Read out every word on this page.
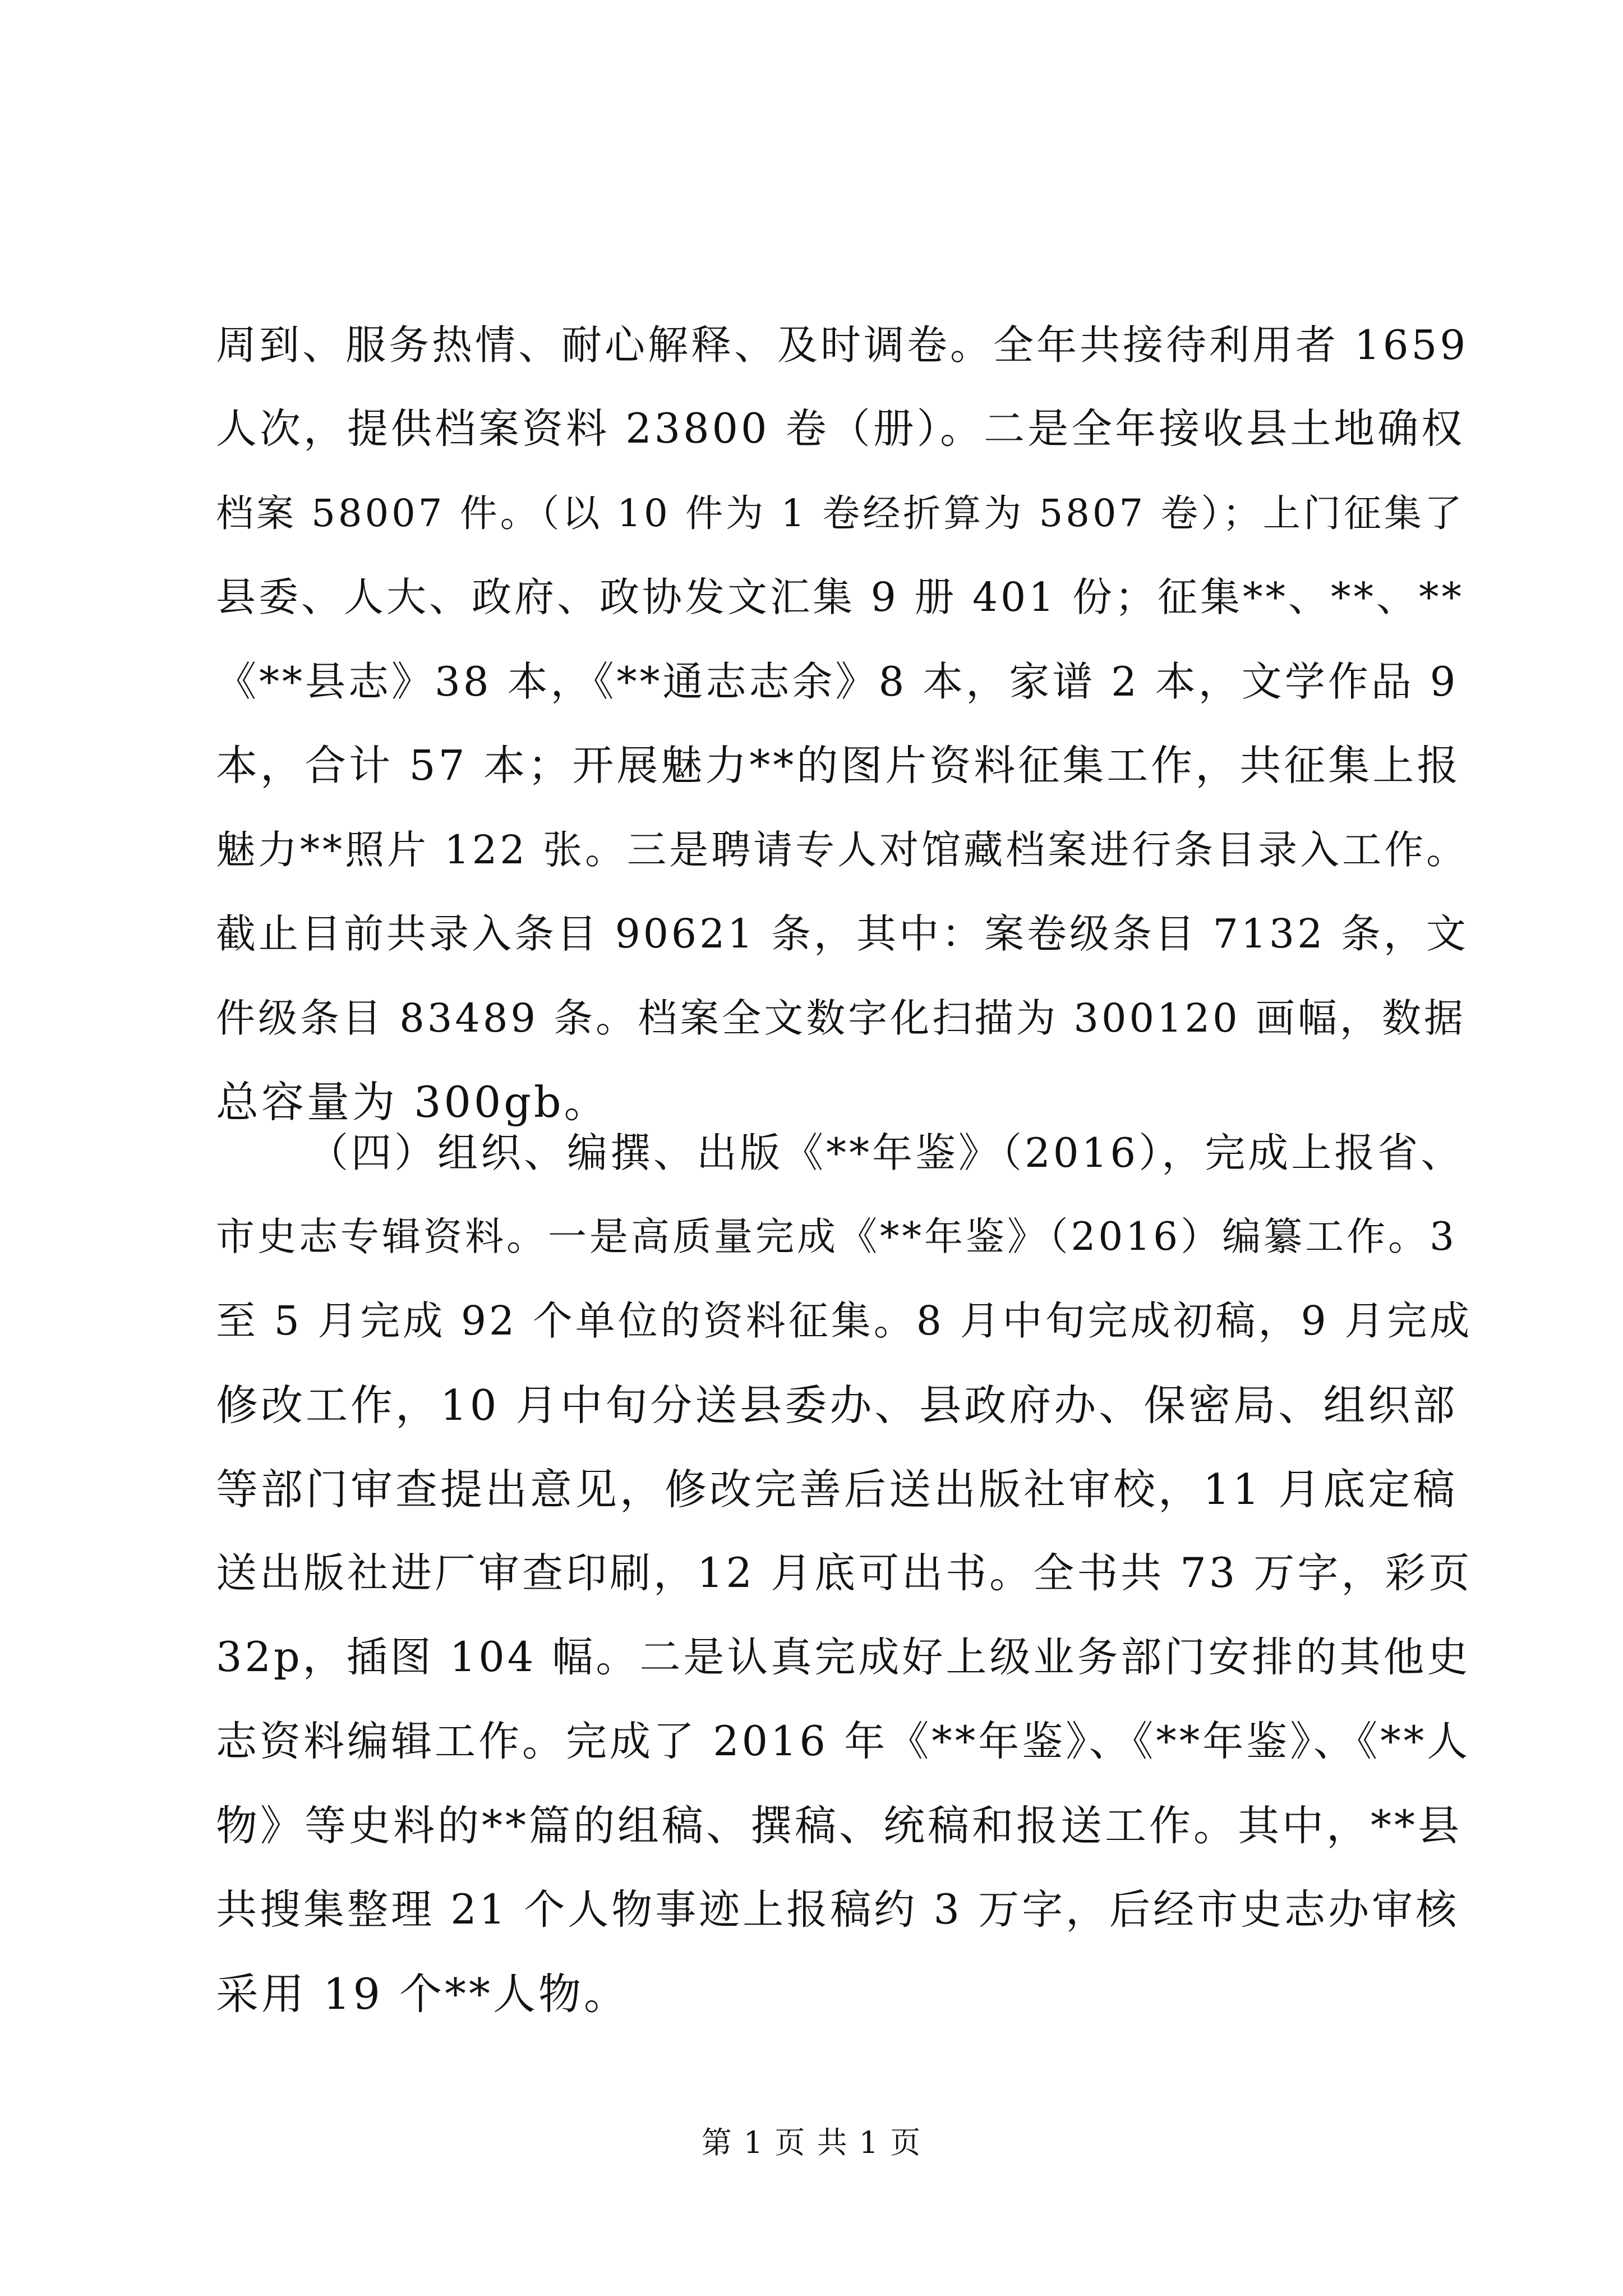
周到、服务热情、耐心解释、及时调卷。全年共接待利用者 1659
人次，提供档案资料 23800 卷（册）。二是全年接收县土地确权
档案 58007 件。（以 10 件为 1 卷经折算为 5807 卷）；上门征集了
县委、人大、政府、政协发文汇集 9 册 401 份；征集**、**、**
《**县志》38 本，《**通志志余》8 本，家谱 2 本，文学作品 9
本，合计 57 本；开展魅力**的图片资料征集工作，共征集上报
魅力**照片 122 张。三是聘请专人对馆藏档案进行条目录入工作。
截止目前共录入条目 90621 条，其中：案卷级条目 7132 条，文
件级条目 83489 条。档案全文数字化扫描为 300120 画幅，数据
总容量为 300gb。
（四）组织、编撰、出版《**年鉴》（2016），完成上报省、
市史志专辑资料。一是高质量完成《**年鉴》（2016）编纂工作。3
至 5 月完成 92 个单位的资料征集。8 月中旬完成初稿，9 月完成
修改工作，10 月中旬分送县委办、县政府办、保密局、组织部
等部门审查提出意见，修改完善后送出版社审校，11 月底定稿
送出版社进厂审查印刷，12 月底可出书。全书共 73 万字，彩页
32p，插图 104 幅。二是认真完成好上级业务部门安排的其他史
志资料编辑工作。完成了 2016 年《**年鉴》、《**年鉴》、《**人
物》等史料的**篇的组稿、撰稿、统稿和报送工作。其中，**县
共搜集整理 21 个人物事迹上报稿约 3 万字，后经市史志办审核
采用 19 个**人物。
第 1 页 共 1 页
